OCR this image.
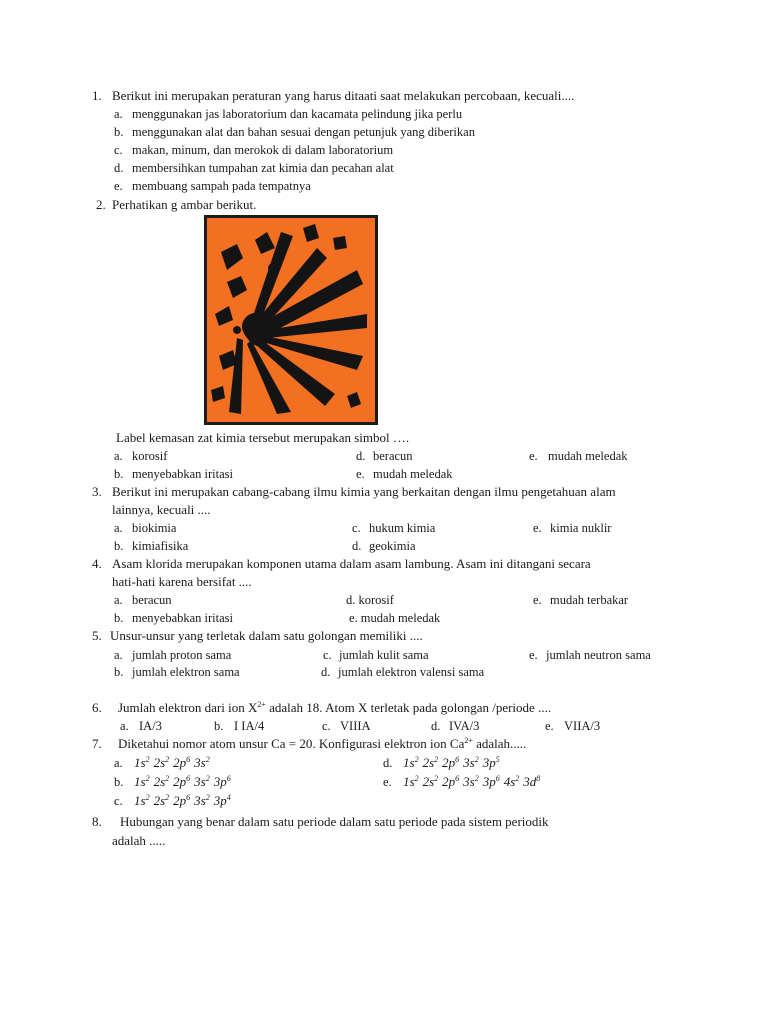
1. Berikut ini merupakan peraturan yang harus ditaati saat melakukan percobaan, kecuali....
a. menggunakan jas laboratorium dan kacamata pelindung jika perlu
b. menggunakan alat dan bahan sesuai dengan petunjuk yang diberikan
c. makan, minum, dan merokok di dalam laboratorium
d. membersihkan tumpahan zat kimia dan pecahan alat
e. membuang sampah pada tempatnya
2. Perhatikan g ambar berikut.
Label kemasan zat kimia tersebut merupakan simbol ….
a. korosif	d. beracun	e. mudah meledak
b. menyebabkan iritasi	e. mudah meledak
3. Berikut ini merupakan cabang-cabang ilmu kimia yang berkaitan dengan ilmu pengetahuan alam
lainnya, kecuali ....
a. biokimia	c. hukum kimia	e. kimia nuklir
b. kimiafisika	d. geokimia
4. Asam klorida merupakan komponen utama dalam asam lambung. Asam ini ditangani secara
hati-hati karena bersifat ....
a. beracun	d. korosif	e. mudah terbakar
b. menyebabkan iritasi	e. mudah meledak
5. Unsur-unsur yang terletak dalam satu golongan memiliki ....
a. jumlah proton sama	c. jumlah kulit sama	e. jumlah neutron sama
b. jumlah elektron sama	d. jumlah elektron valensi sama
6. Jumlah elektron dari ion $X^{2+}$ adalah 18. Atom X terletak pada golongan /periode ....
a. IA/3	b. I IA/4	c. VIIIA	d. IVA/3	e. VIIA/3
7. Diketahui nomor atom unsur Ca = 20. Konfigurasi elektron ion $Ca^{2+}$ adalah.....
a. $1s^2$ $2s^2$ $2p^6$ $3s^2$	d. $1s^2$ $2s^2$ $2p^6$ $3s^2$ $3p^5$
b. $1s^2$ $2s^2$ $2p^6$ $3s^2$ $3p^6$	e. $1s^2$ $2s^2$ $2p^6$ $3s^2$ $3p^6$ $4s^2$ $3d^8$
c. $1s^2$ $2s^2$ $2p^6$ $3s^2$ $3p^4$
8. Hubungan yang benar dalam satu periode dalam satu periode pada sistem periodik
adalah .....
